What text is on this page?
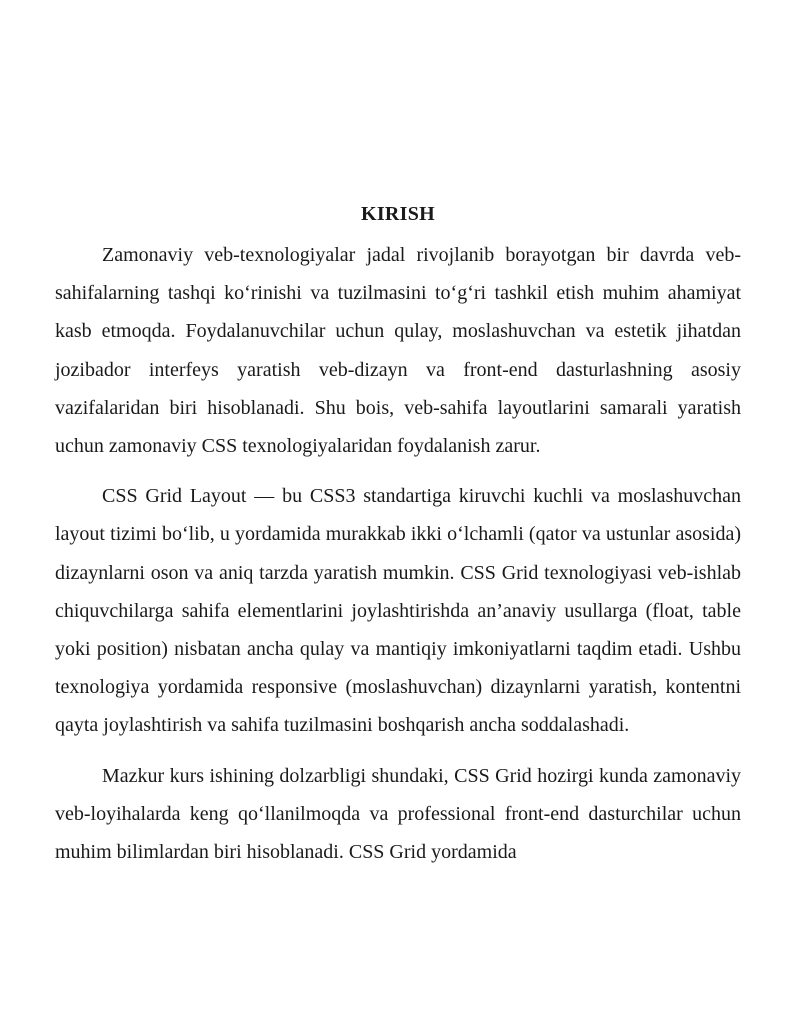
KIRISH

Zamonaviy veb-texnologiyalar jadal rivojlanib borayotgan bir davrda veb-sahifalarning tashqi koʻrinishi va tuzilmasini toʻgʻri tashkil etish muhim ahamiyat kasb etmoqda. Foydalanuvchilar uchun qulay, moslashuvchan va estetik jihatdan jozibador interfeys yaratish veb-dizayn va front-end dasturlashning asosiy vazifalaridan biri hisoblanadi. Shu bois, veb-sahifa layoutlarini samarali yaratish uchun zamonaviy CSS texnologiyalaridan foydalanish zarur.

CSS Grid Layout — bu CSS3 standartiga kiruvchi kuchli va moslashuvchan layout tizimi boʻlib, u yordamida murakkab ikki oʻlchamli (qator va ustunlar asosida) dizaynlarni oson va aniq tarzda yaratish mumkin. CSS Grid texnologiyasi veb-ishlab chiquvchilarga sahifa elementlarini joylashtirishda an’anaviy usullarga (float, table yoki position) nisbatan ancha qulay va mantiqiy imkoniyatlarni taqdim etadi. Ushbu texnologiya yordamida responsive (moslashuvchan) dizaynlarni yaratish, kontentni qayta joylashtirish va sahifa tuzilmasini boshqarish ancha soddalashadi.

Mazkur kurs ishining dolzarbligi shundaki, CSS Grid hozirgi kunda zamonaviy veb-loyihalarda keng qoʻllanilmoqda va professional front-end dasturchilar uchun muhim bilimlardan biri hisoblanadi. CSS Grid yordamida
